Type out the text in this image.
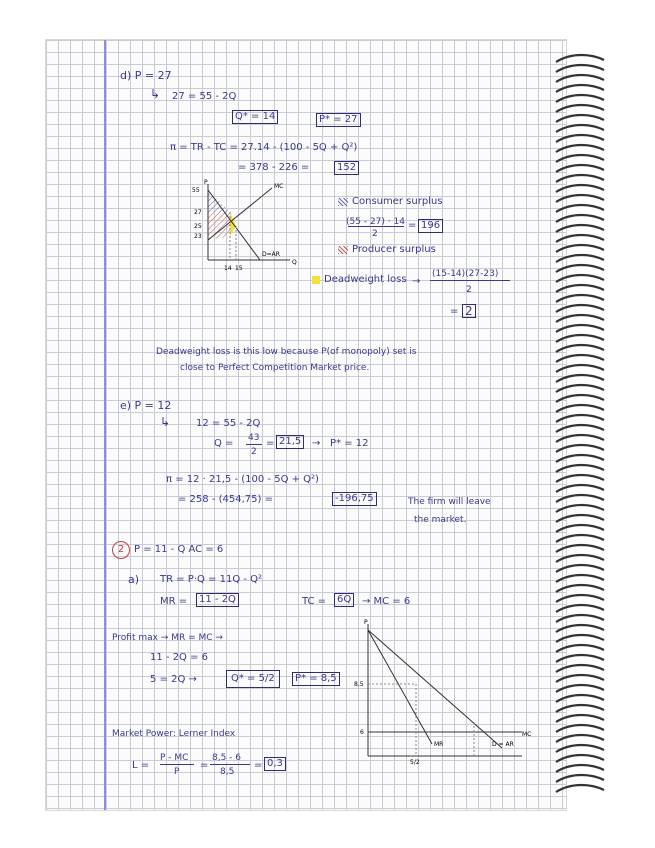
d) P = 27
↳ 27 = 55 - 2Q
Q* = 14	P* = 27
π = TR - TC = 27.14 - (100 - 5Q + Q²)
= 378 - 226 =	152
P
Q
MC
D=AR
55
27
25
23
14 15
Consumer surplus
(55 - 27) · 14
2
= 196
Producer surplus
Deadweight loss →
(15-14)(27-23)
2
= 2
Deadweight loss is this low because P(of monopoly) set is
close to Perfect Competition Market price.
e) P = 12
↳	12 = 55 - 2Q
Q = 43
2
= 21,5	→ P* = 12
π = 12 · 21,5 - (100 - 5Q + Q²)
= 258 - (454,75) =	-196,75	The firm will leave
the market.
2 P = 11 - Q AC = 6
a) TR = P·Q = 11Q - Q²
MR =	11 - 2Q	TC =	6Q	→ MC = 6
Profit max → MR = MC →
11 - 2Q = 6
5 = 2Q →	Q* = 5/2	P* = 8,5
Market Power: Lerner Index
L =
P - MC
P
=
8,5 - 6
8,5
= 0,3
P
MC
8,5
6
5/2
MR	D = AR
